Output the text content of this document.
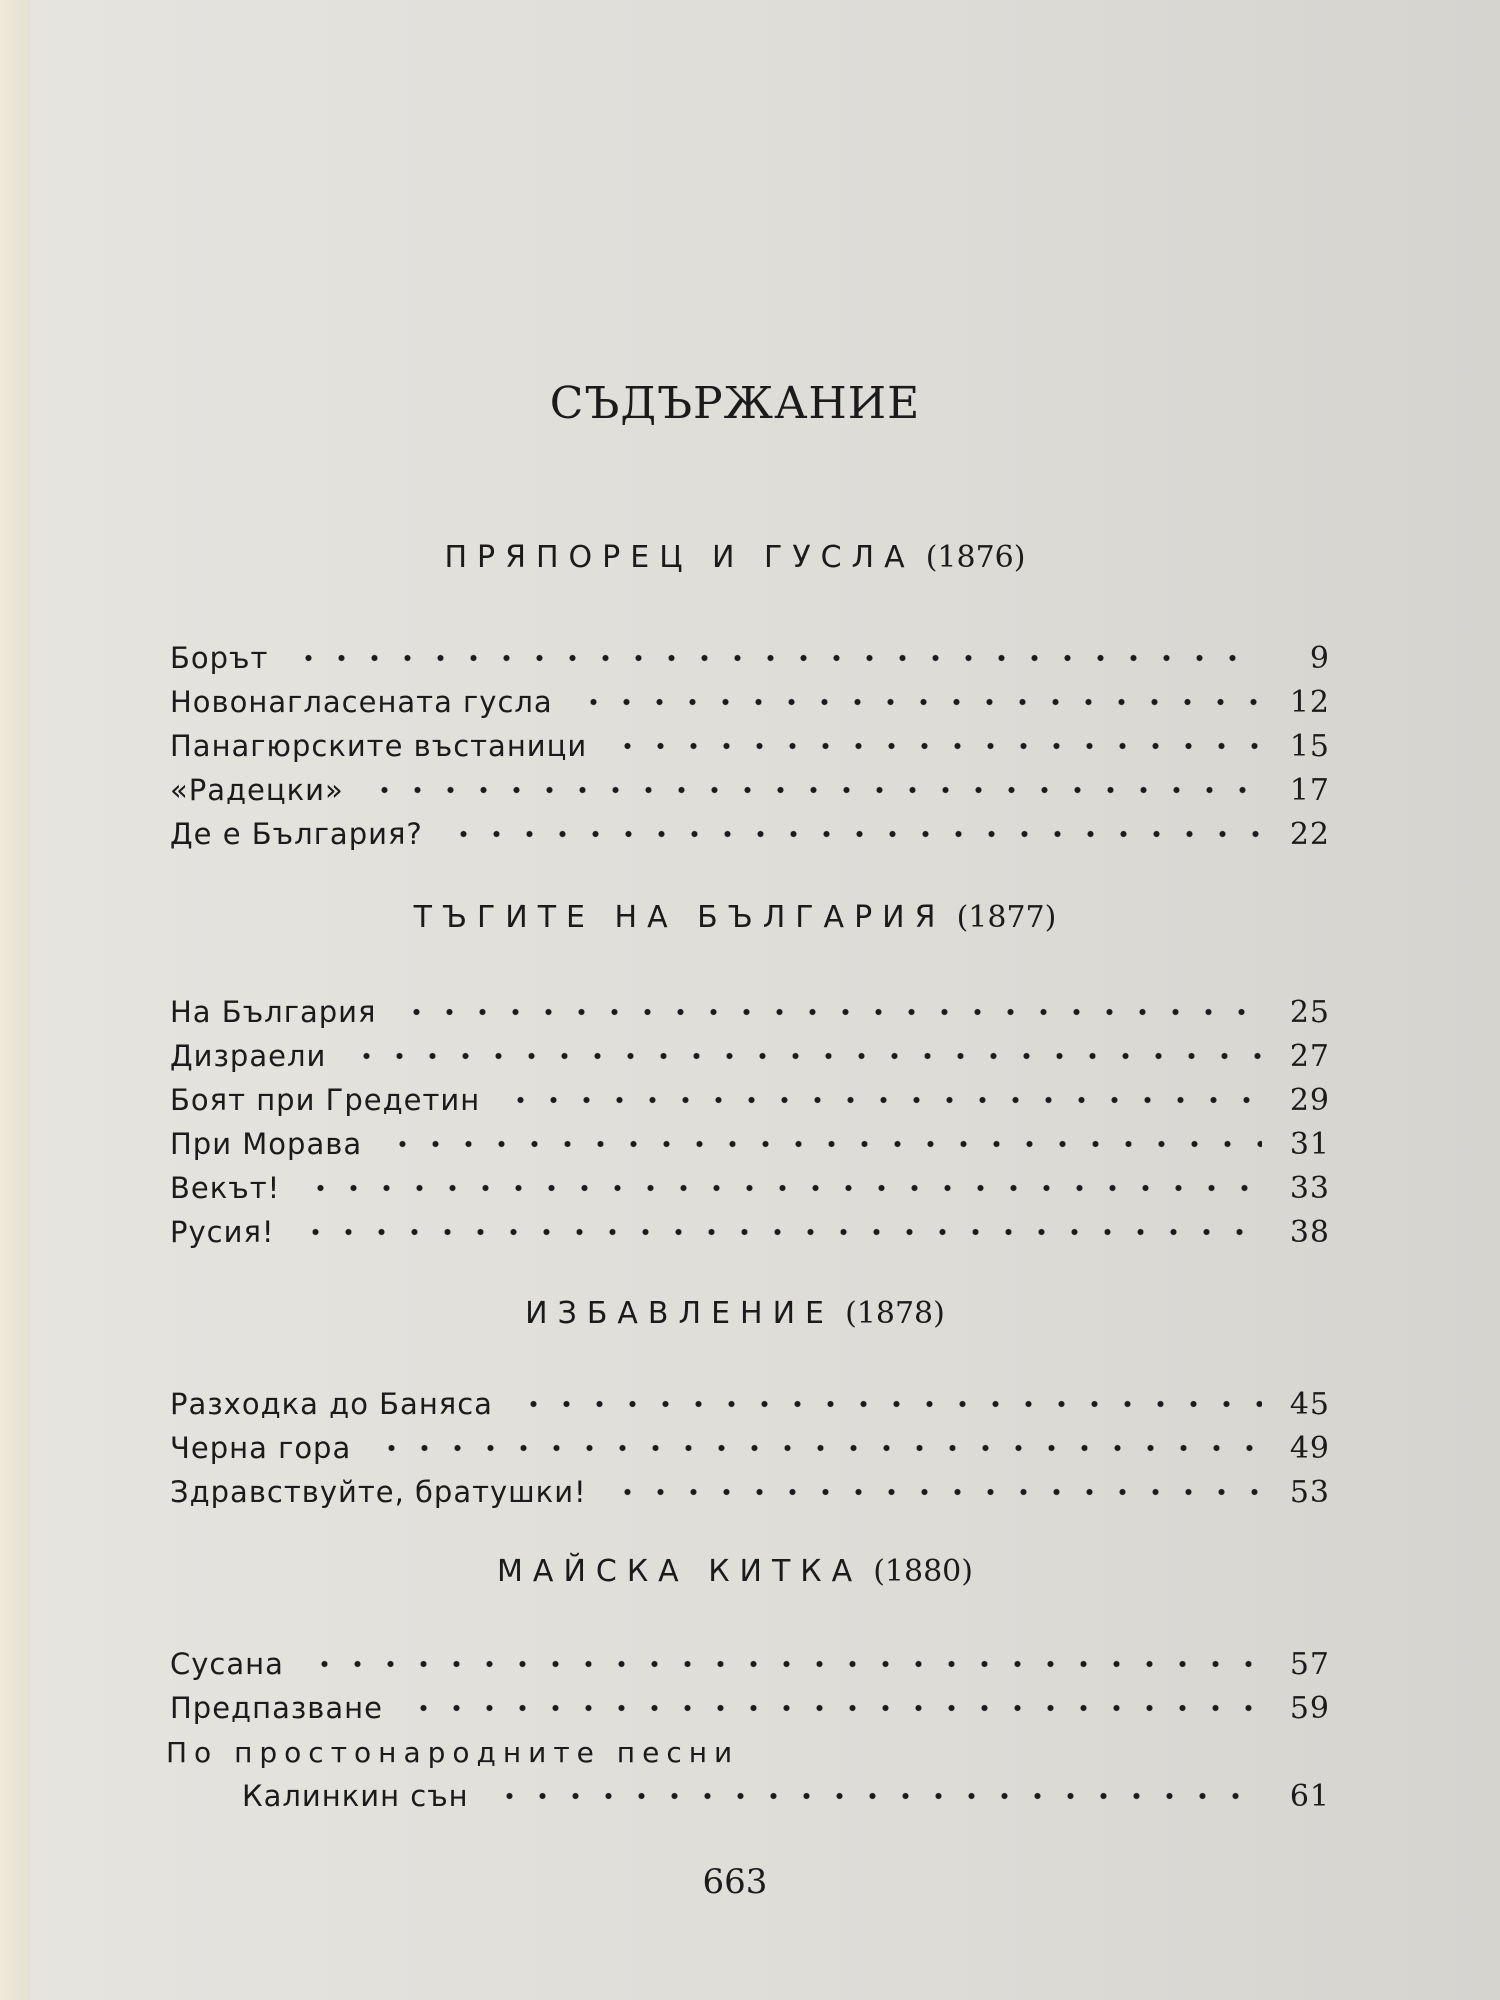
СЪДЪРЖАНИЕ
ПРЯПОРЕЦ И ГУСЛА (1876)
Борът	9
Новонагласената гусла	12
Панагюрските въстаници	15
«Радецки»	17
Де е България?	22
ТЪГИТЕ НА БЪЛГАРИЯ (1877)
На България	25
Дизраели	27
Боят при Гредетин	29
При Морава	31
Векът!	33
Русия!	38
ИЗБАВЛЕНИЕ (1878)
Разходка до Баняса	45
Черна гора	49
Здравствуйте, братушки!	53
МАЙСКА КИТКА (1880)
Сусана	57
Предпазване	59
По простонародните песни
Калинкин сън	61
663
